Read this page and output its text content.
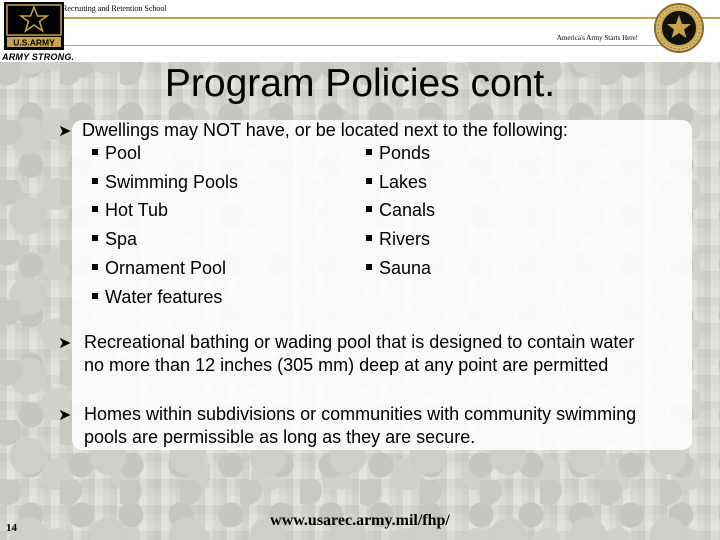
U.S.ARMY
ARMY STRONG.
Recruiting and Retention School
America's Army Starts Here!
Program Policies cont.
➤ Dwellings may NOT have, or be located next to the following:
Pool
Swimming Pools
Hot Tub
Spa
Ornament Pool
Water features
Ponds
Lakes
Canals
Rivers
Sauna
➤ Recreational bathing or wading pool that is designed to contain water
no more than 12 inches (305 mm) deep at any point are permitted
➤ Homes within subdivisions or communities with community swimming
pools are permissible as long as they are secure.
14	www.usarec.army.mil/fhp/
